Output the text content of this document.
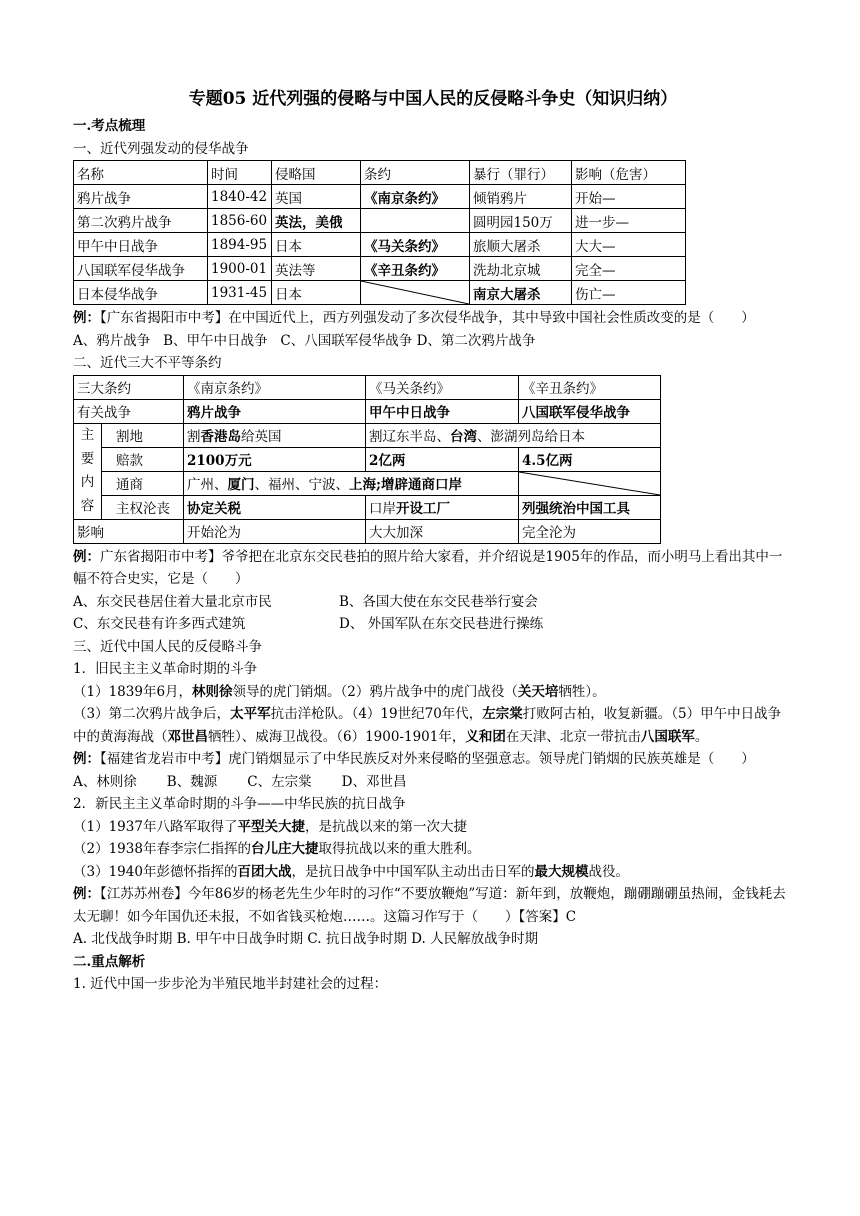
专题05 近代列强的侵略与中国人民的反侵略斗争史（知识归纳）
一.考点梳理
一、近代列强发动的侵华战争
名称	时间	侵略国	条约	暴行（罪行）	影响（危害）
鸦片战争	1840-42	英国	《南京条约》	倾销鸦片	开始—
第二次鸦片战争	1856-60	英法，美俄		圆明园150万	进一步—
甲午中日战争	1894-95	日本	《马关条约》	旅顺大屠杀	大大—
八国联军侵华战争	1900-01	英法等	《辛丑条约》	洗劫北京城	完全—
日本侵华战争	1931-45	日本		南京大屠杀	伤亡—
例：【广东省揭阳市中考】在中国近代上，西方列强发动了多次侵华战争，其中导致中国社会性质改变的是（　　）
A、鸦片战争 B、甲午中日战争 C、八国联军侵华战争 D、第二次鸦片战争
二、近代三大不平等条约
三大条约		《南京条约》	《马关条约》	《辛丑条约》
有关战争		鸦片战争	甲午中日战争	八国联军侵华战争
主
要
内
容	割地	割香港岛给英国	割辽东半岛、台湾、澎湖列岛给日本	
	赔款	2100万元	2亿两	4.5亿两
	通商	广州、厦门、福州、宁波、上海;增辟通商口岸	

	主权沦丧	协定关税	口岸开设工厂	列强统治中国工具
影响		开始沦为	大大加深	完全沦为
例：广东省揭阳市中考】爷爷把在北京东交民巷拍的照片给大家看，并介绍说是1905年的作品，而小明马上看出其中一幅不符合史实，它是（　　）
A、东交民巷居住着大量北京市民	B、各国大使在东交民巷举行宴会
C、东交民巷有许多西式建筑	D、 外国军队在东交民巷进行操练
三、近代中国人民的反侵略斗争
1．旧民主主义革命时期的斗争
（1）1839年6月，林则徐领导的虎门销烟。（2）鸦片战争中的虎门战役（关天培牺牲）。
（3）第二次鸦片战争后，太平军抗击洋枪队。（4）19世纪70年代，左宗棠打败阿古柏，收复新疆。（5）甲午中日战争中的黄海海战（邓世昌牺牲）、威海卫战役。（6）1900-1901年，义和团在天津、北京一带抗击八国联军。
例：【福建省龙岩市中考】虎门销烟显示了中华民族反对外来侵略的坚强意志。领导虎门销烟的民族英雄是（　　）
A、林则徐 B、魏源 C、左宗棠 D、邓世昌
2．新民主主义革命时期的斗争——中华民族的抗日战争
（1）1937年八路军取得了平型关大捷，是抗战以来的第一次大捷
（2）1938年春李宗仁指挥的台儿庄大捷取得抗战以来的重大胜利。
（3）1940年彭德怀指挥的百团大战，是抗日战争中中国军队主动出击日军的最大规模战役。
例：【江苏苏州卷】今年86岁的杨老先生少年时的习作“不要放鞭炮”写道：新年到，放鞭炮，蹦硼蹦硼虽热闹，金钱耗去太无聊！如今年国仇还未报，不如省钱买枪炮……。这篇习作写于（　　）【答案】C
A. 北伐战争时期 B. 甲午中日战争时期 C. 抗日战争时期 D. 人民解放战争时期
二.重点解析
1. 近代中国一步步沦为半殖民地半封建社会的过程：
